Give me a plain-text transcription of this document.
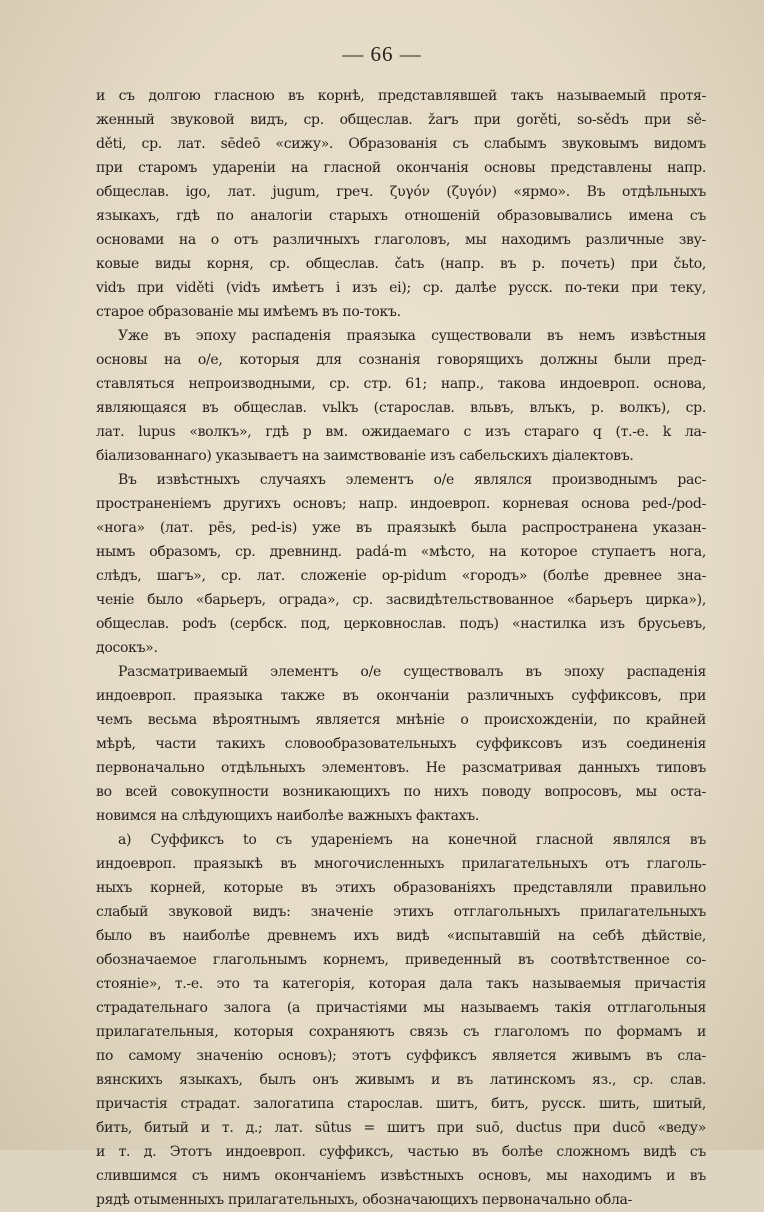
— 66 —

и съ долгою гласною въ корнѣ, представлявшей такъ называемый протя-
женный звуковой видъ, ср. общеслав. žаrъ при gorěti, sо-sědъ при sě-
děti, ср. лат. sēdeō «сижу». Образованія съ слабымъ звуковымъ видомъ
при старомъ удареніи на гласной окончанія основы представлены напр.
общеслав. igo, лат. jugum, греч. ζυγόν (ζυγόν) «ярмо». Въ отдѣльныхъ
языкахъ, гдѣ по аналогіи старыхъ отношеній образовывались имена съ
основами на о отъ различныхъ глаголовъ, мы находимъ различные зву-
ковые виды корня, ср. общеслав. čаtъ (напр. въ р. почеть) при čьto,
vidъ при viděti (vidъ имѣетъ і изъ еі); ср. далѣе русск. по-теки при теку,
старое образованіе мы имѣемъ въ по-токъ.
Уже въ эпоху распаденія праязыка существовали въ немъ извѣстныя
основы на o/e, которыя для сознанія говорящихъ должны были пред-
ставляться непроизводными, ср. стр. 61; напр., такова индоевроп. основа,
являющаяся въ общеслав. vьlkъ (старослав. вльвъ, влъкъ, р. волкъ), ср.
лат. lupus «волкъ», гдѣ р вм. ожидаемаго с изъ стараго q (т.-е. k ла-
біализованнаго) указываетъ на заимствованіе изъ сабельскихъ діалектовъ.
Въ извѣстныхъ случаяхъ элементъ o/e являлся производнымъ рас-
пространеніемъ другихъ основъ; напр. индоевроп. корневая основа ped-/pod-
«нога» (лат. pēs, ped-is) уже въ праязыкѣ была распространена указан-
нымъ образомъ, ср. древнинд. padá-m «мѣсто, на которое ступаетъ нога,
слѣдъ, шагъ», ср. лат. сложеніе op-pidum «городъ» (болѣе древнее зна-
ченіе было «барьеръ, ограда», ср. засвидѣтельствованное «барьеръ цирка»),
общеслав. роdъ (сербск. под, церковнослав. подъ) «настилка изъ брусьевъ,
досокъ».
Разсматриваемый элементъ o/e существовалъ въ эпоху распаденія
индоевроп. праязыка также въ окончаніи различныхъ суффиксовъ, при
чемъ весьма вѣроятнымъ является мнѣніе о происхожденіи, по крайней
мѣрѣ, части такихъ словообразовательныхъ суффиксовъ изъ соединенія
первоначально отдѣльныхъ элементовъ. Не разсматривая данныхъ типовъ
во всей совокупности возникающихъ по нихъ поводу вопросовъ, мы оста-
новимся на слѣдующихъ наиболѣе важныхъ фактахъ.
а) Суффиксъ to съ удареніемъ на конечной гласной являлся въ
индоевроп. праязыкѣ въ многочисленныхъ прилагательныхъ отъ глаголь-
ныхъ корней, которые въ этихъ образованіяхъ представляли правильно
слабый звуковой видъ: значеніе этихъ отглагольныхъ прилагательныхъ
было въ наиболѣе древнемъ ихъ видѣ «испытавшій на себѣ дѣйствіе,
обозначаемое глагольнымъ корнемъ, приведенный въ соотвѣтственное со-
стояніе», т.-е. это та категорія, которая дала такъ называемыя причастія
страдательнаго залога (а причастіями мы называемъ такія отглагольныя
прилагательныя, которыя сохраняютъ связь съ глаголомъ по формамъ и
по самому значенію основъ); этотъ суффиксъ является живымъ въ сла-
вянскихъ языкахъ, былъ онъ живымъ и въ латинскомъ яз., ср. слав.
причастія страдат. залогатипа старослав. шитъ, битъ, русск. шить, шитый,
бить, битый и т. д.; лат. sūtus = шитъ при suō, ductus при ducō «веду»
и т. д. Этотъ индоевроп. суффиксъ, частью въ болѣе сложномъ видѣ съ
слившимся съ нимъ окончаніемъ извѣстныхъ основъ, мы находимъ и въ
рядѣ отыменныхъ прилагательныхъ, обозначающихъ первоначально обла-
